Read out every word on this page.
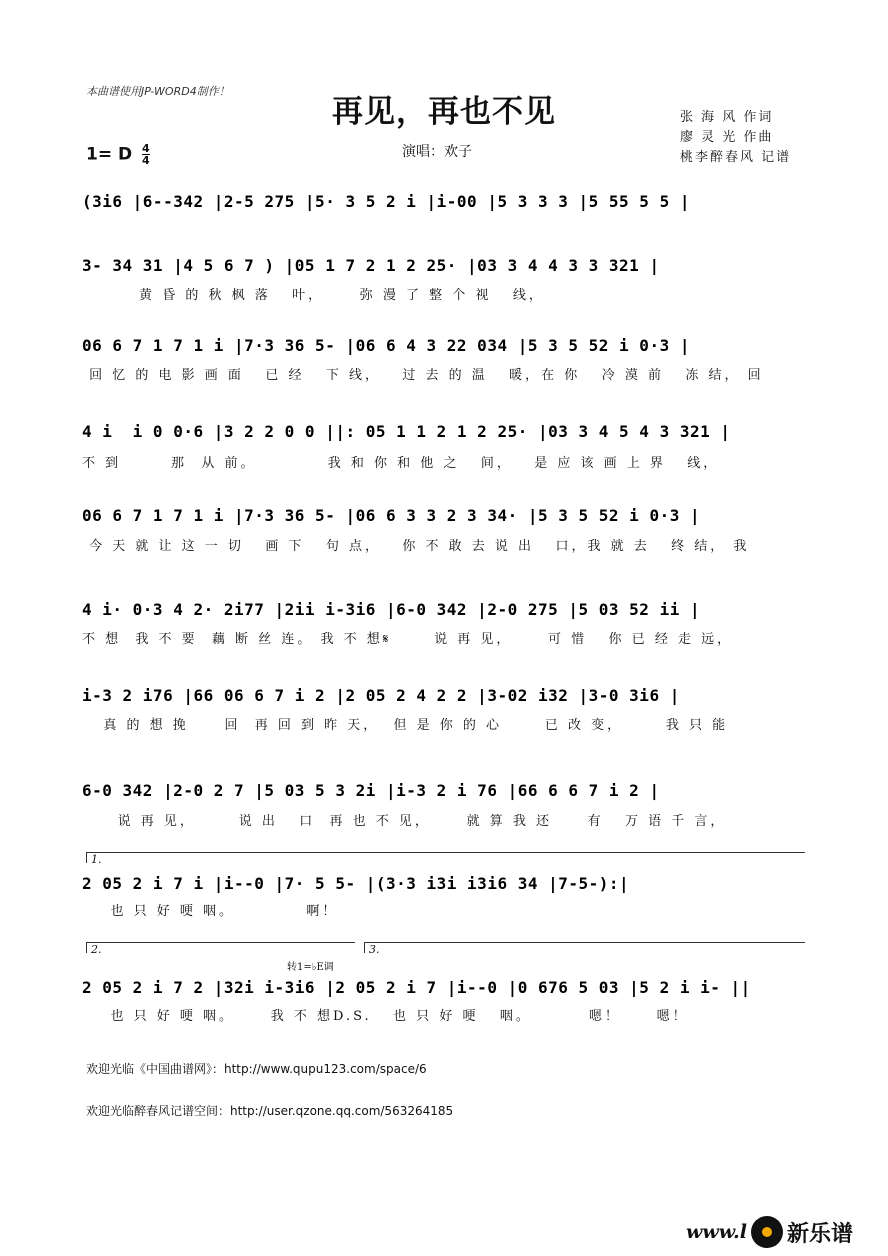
本曲谱使用JP-WORD4制作！
再见，再也不见	张 海 风 作词
廖 灵 光 作曲
桃李醉春风 记谱
1= D $\frac{4}{4}$	演唱：欢子
(3i6 |6--342 |2-5 275 |5· 3 5 2 i |i-00 |5 3 3 3 |5 55 5 5 |
3- 34 31 |4 5 6 7 ) |05 1 7 2 1 2 25· |03 3 4 4 3 3 321 |
黄 昏 的 秋 枫 落   叶，     弥 漫 了 整 个 视   线，
06 6 7 1 7 1 i |7·3 36 5- |06 6 4 3 22 034 |5 3 5 52 i 0·3 |
回 忆 的 电 影 画 面   已 经   下 线，   过 去 的 温   暖，在 你   冷 漠 前   冻 结， 回
4 i  i 0 0·6 |3 2 2 0 0 ||: 05 1 1 2 1 2 25· |03 3 4 5 4 3 321 |
不 到       那  从 前。          我 和 你 和 他 之   间，   是 应 该 画 上 界   线，
06 6 7 1 7 1 i |7·3 36 5- |06 6 3 3 2 3 34· |5 3 5 52 i 0·3 |
今 天 就 让 这 一 切   画 下   句 点，   你 不 敢 去 说 出   口，我 就 去   终 结， 我
4 i· 0·3 4 2· 2i77 |2ii i-3i6 |6-0 342 |2-0 275 |5 03 52 ii |
不 想  我 不 要  藕 断 丝 连。 我 不 想𝄋      说 再 见，     可 惜   你 已 经 走 远，
i-3 2 i76 |66 06 6 7 i 2 |2 05 2 4 2 2 |3-02 i32 |3-0 3i6 |
真 的 想 挽     回  再 回 到 昨 天，  但 是 你 的 心      已 改 变，      我 只 能
6-0 342 |2-0 2 7 |5 03 5 3 2i |i-3 2 i 76 |66 6 6 7 i 2 |
说 再 见，      说 出   口  再 也 不 见，     就 算 我 还     有   万 语 千 言，
1.
2 05 2 i 7 i |i--0 |7· 5 5- |(3·3 i3i i3i6 34 |7-5-):|
也 只 好 哽 咽。          啊！
2.	3.
转1=♭E调
2 05 2 i 7 2 |32i i-3i6 |2 05 2 i 7 |i--0 |0 676 5 03 |5 2 i i- ||
也 只 好 哽 咽。     我 不 想D.S.   也 只 好 哽   咽。        嗯！     嗯！
欢迎光临《中国曲谱网》：http://www.qupu123.com/space/6
欢迎光临醉春风记谱空间：http://user.qzone.qq.com/563264185
www.l 新乐谱
